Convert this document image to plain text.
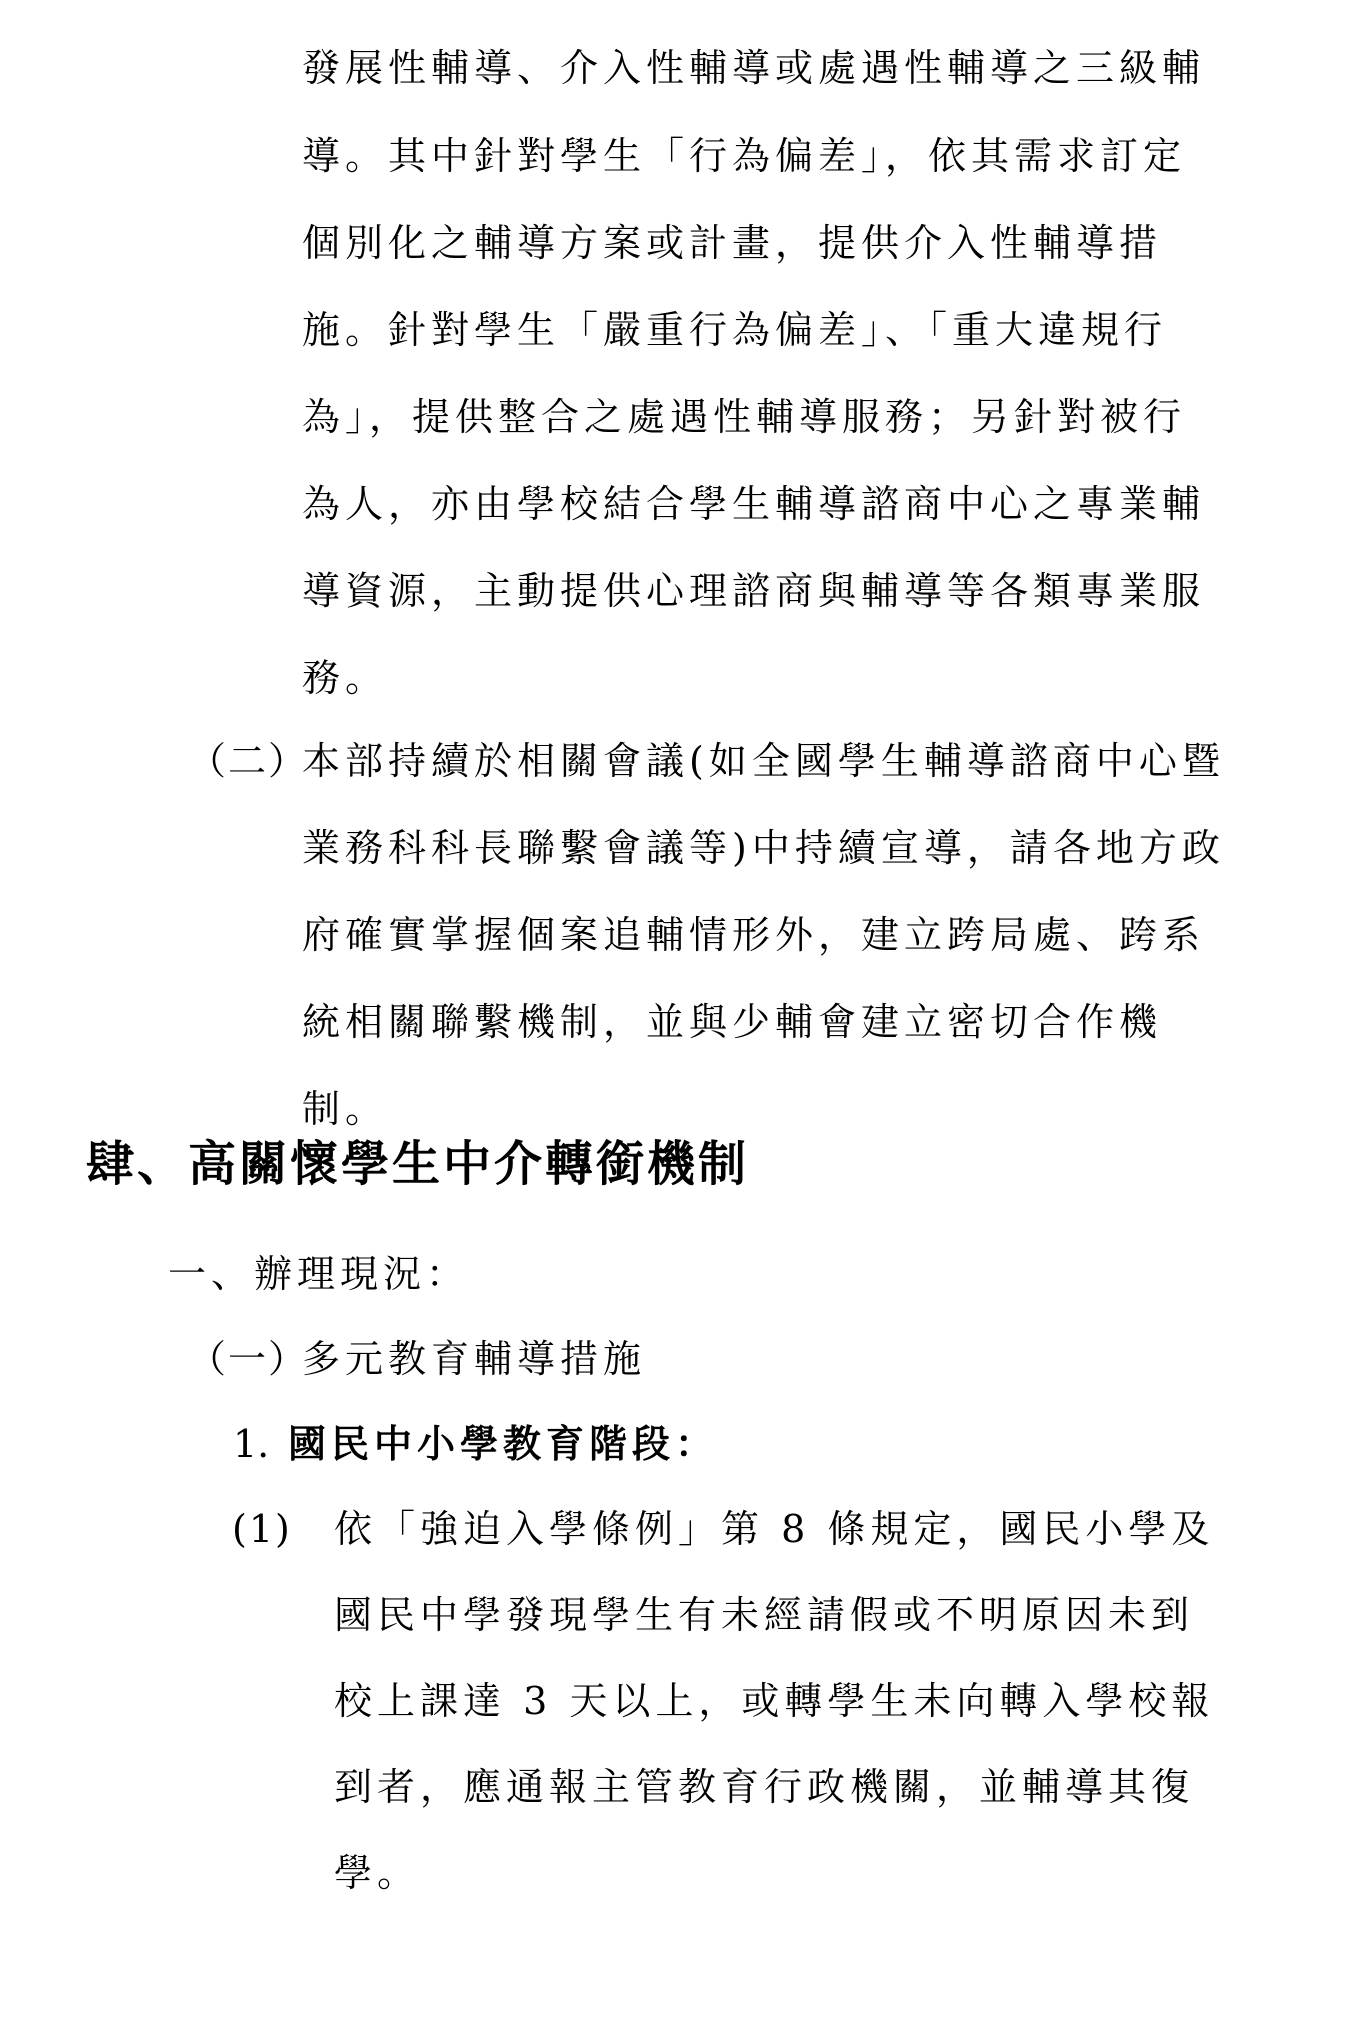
發展性輔導、介入性輔導或處遇性輔導之三級輔
導。其中針對學生「行為偏差」，依其需求訂定
個別化之輔導方案或計畫，提供介入性輔導措
施。針對學生「嚴重行為偏差」、「重大違規行
為」，提供整合之處遇性輔導服務；另針對被行
為人，亦由學校結合學生輔導諮商中心之專業輔
導資源，主動提供心理諮商與輔導等各類專業服
務。
（二）
本部持續於相關會議(如全國學生輔導諮商中心暨
業務科科長聯繫會議等)中持續宣導，請各地方政
府確實掌握個案追輔情形外，建立跨局處、跨系
統相關聯繫機制，並與少輔會建立密切合作機
制。
肆、高關懷學生中介轉銜機制
一、辦理現況：
（一）
多元教育輔導措施
1. 國民中小學教育階段：
(1) 依「強迫入學條例」第 8 條規定，國民小學及
國民中學發現學生有未經請假或不明原因未到
校上課達 3 天以上，或轉學生未向轉入學校報
到者，應通報主管教育行政機關，並輔導其復
學。
